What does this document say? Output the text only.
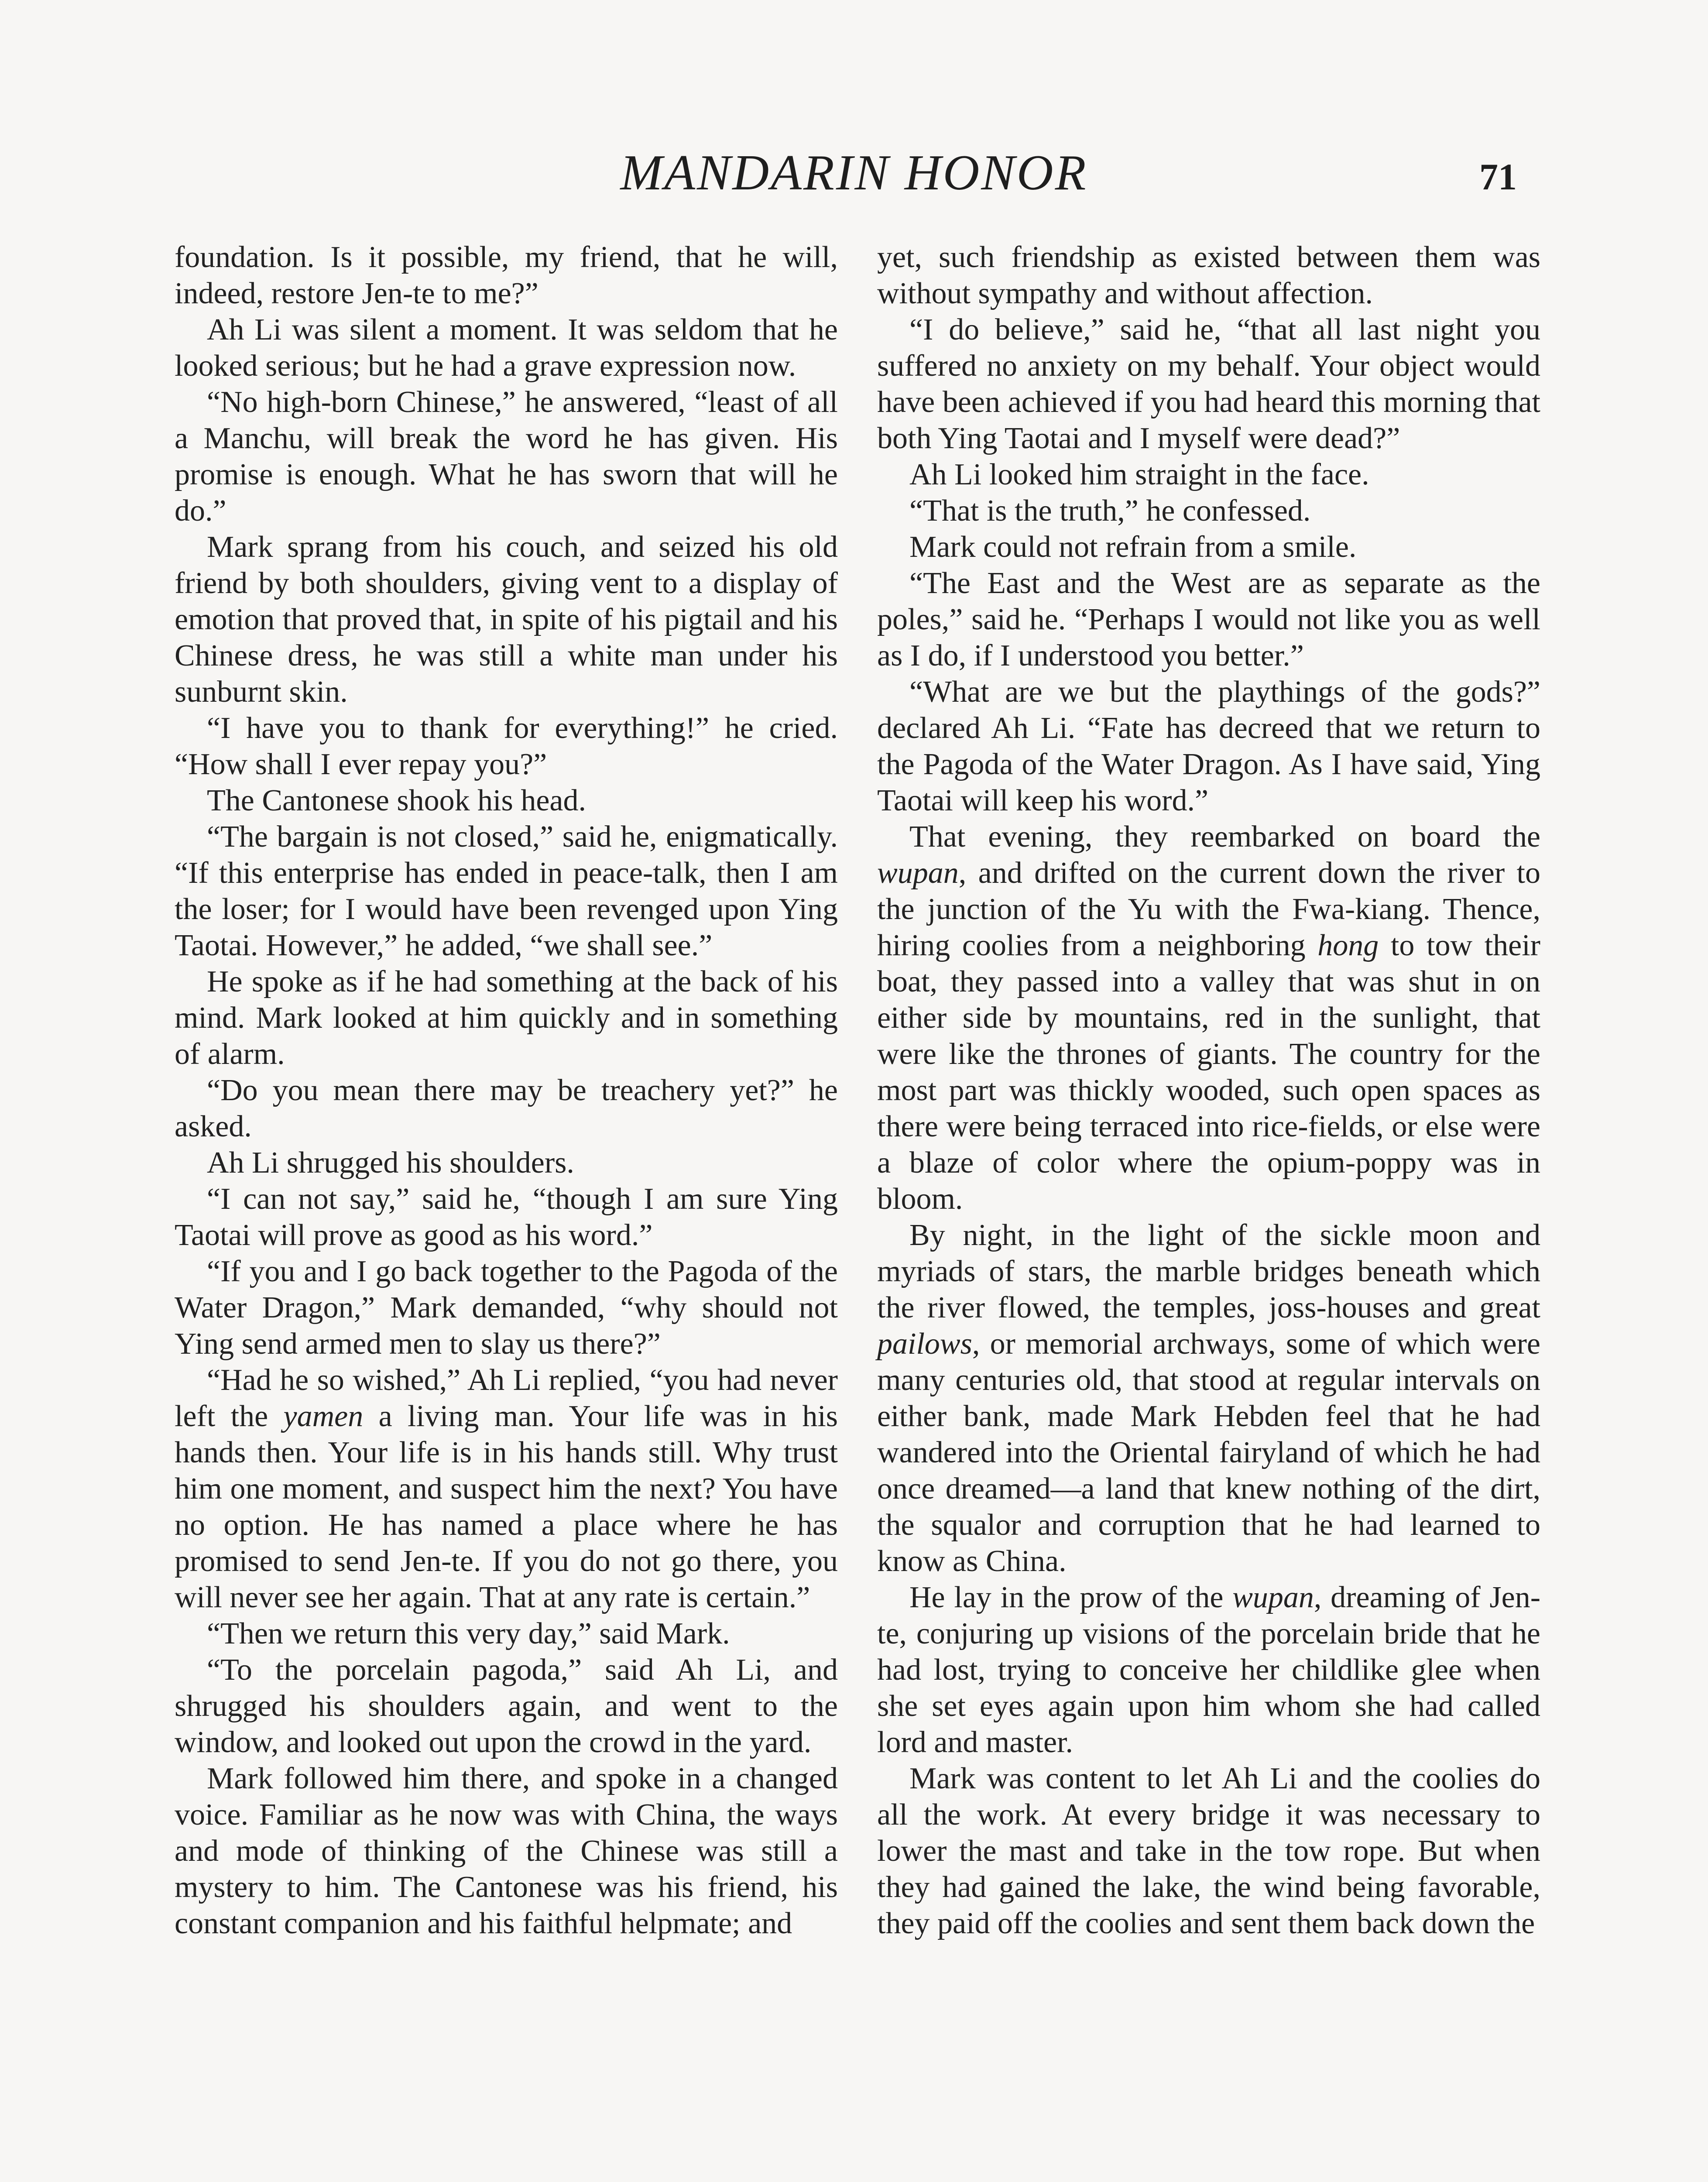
MANDARIN HONOR	71

foundation. Is it possible, my friend, that he will, indeed, restore Jen-te to me?”

Ah Li was silent a moment. It was seldom that he looked serious; but he had a grave expression now.

“No high-born Chinese,” he answered, “least of all a Manchu, will break the word he has given. His promise is enough. What he has sworn that will he do.”

Mark sprang from his couch, and seized his old friend by both shoulders, giving vent to a display of emotion that proved that, in spite of his pigtail and his Chinese dress, he was still a white man under his sunburnt skin.

“I have you to thank for everything!” he cried. “How shall I ever repay you?”

The Cantonese shook his head.

“The bargain is not closed,” said he, enigmatically. “If this enterprise has ended in peace-talk, then I am the loser; for I would have been revenged upon Ying Taotai. However,” he added, “we shall see.”

He spoke as if he had something at the back of his mind. Mark looked at him quickly and in something of alarm.

“Do you mean there may be treachery yet?” he asked.

Ah Li shrugged his shoulders.

“I can not say,” said he, “though I am sure Ying Taotai will prove as good as his word.”

“If you and I go back together to the Pagoda of the Water Dragon,” Mark demanded, “why should not Ying send armed men to slay us there?”

“Had he so wished,” Ah Li replied, “you had never left the yamen a living man. Your life was in his hands then. Your life is in his hands still. Why trust him one moment, and suspect him the next? You have no option. He has named a place where he has promised to send Jen-te. If you do not go there, you will never see her again. That at any rate is certain.”

“Then we return this very day,” said Mark.

“To the porcelain pagoda,” said Ah Li, and shrugged his shoulders again, and went to the window, and looked out upon the crowd in the yard.

Mark followed him there, and spoke in a changed voice. Familiar as he now was with China, the ways and mode of thinking of the Chinese was still a mystery to him. The Cantonese was his friend, his constant companion and his faithful helpmate; and

yet, such friendship as existed between them was without sympathy and without affection.

“I do believe,” said he, “that all last night you suffered no anxiety on my behalf. Your object would have been achieved if you had heard this morning that both Ying Taotai and I myself were dead?”

Ah Li looked him straight in the face.

“That is the truth,” he confessed.

Mark could not refrain from a smile.

“The East and the West are as separate as the poles,” said he. “Perhaps I would not like you as well as I do, if I understood you better.”

“What are we but the playthings of the gods?” declared Ah Li. “Fate has decreed that we return to the Pagoda of the Water Dragon. As I have said, Ying Taotai will keep his word.”

That evening, they reembarked on board the wupan, and drifted on the current down the river to the junction of the Yu with the Fwa-kiang. Thence, hiring coolies from a neighboring hong to tow their boat, they passed into a valley that was shut in on either side by mountains, red in the sunlight, that were like the thrones of giants. The country for the most part was thickly wooded, such open spaces as there were being terraced into rice-fields, or else were a blaze of color where the opium-poppy was in bloom.

By night, in the light of the sickle moon and myriads of stars, the marble bridges beneath which the river flowed, the temples, joss-houses and great pailows, or memorial archways, some of which were many centuries old, that stood at regular intervals on either bank, made Mark Hebden feel that he had wandered into the Oriental fairyland of which he had once dreamed—a land that knew nothing of the dirt, the squalor and corruption that he had learned to know as China.

He lay in the prow of the wupan, dreaming of Jen-te, conjuring up visions of the porcelain bride that he had lost, trying to conceive her childlike glee when she set eyes again upon him whom she had called lord and master.

Mark was content to let Ah Li and the coolies do all the work. At every bridge it was necessary to lower the mast and take in the tow rope. But when they had gained the lake, the wind being favorable, they paid off the coolies and sent them back down the
